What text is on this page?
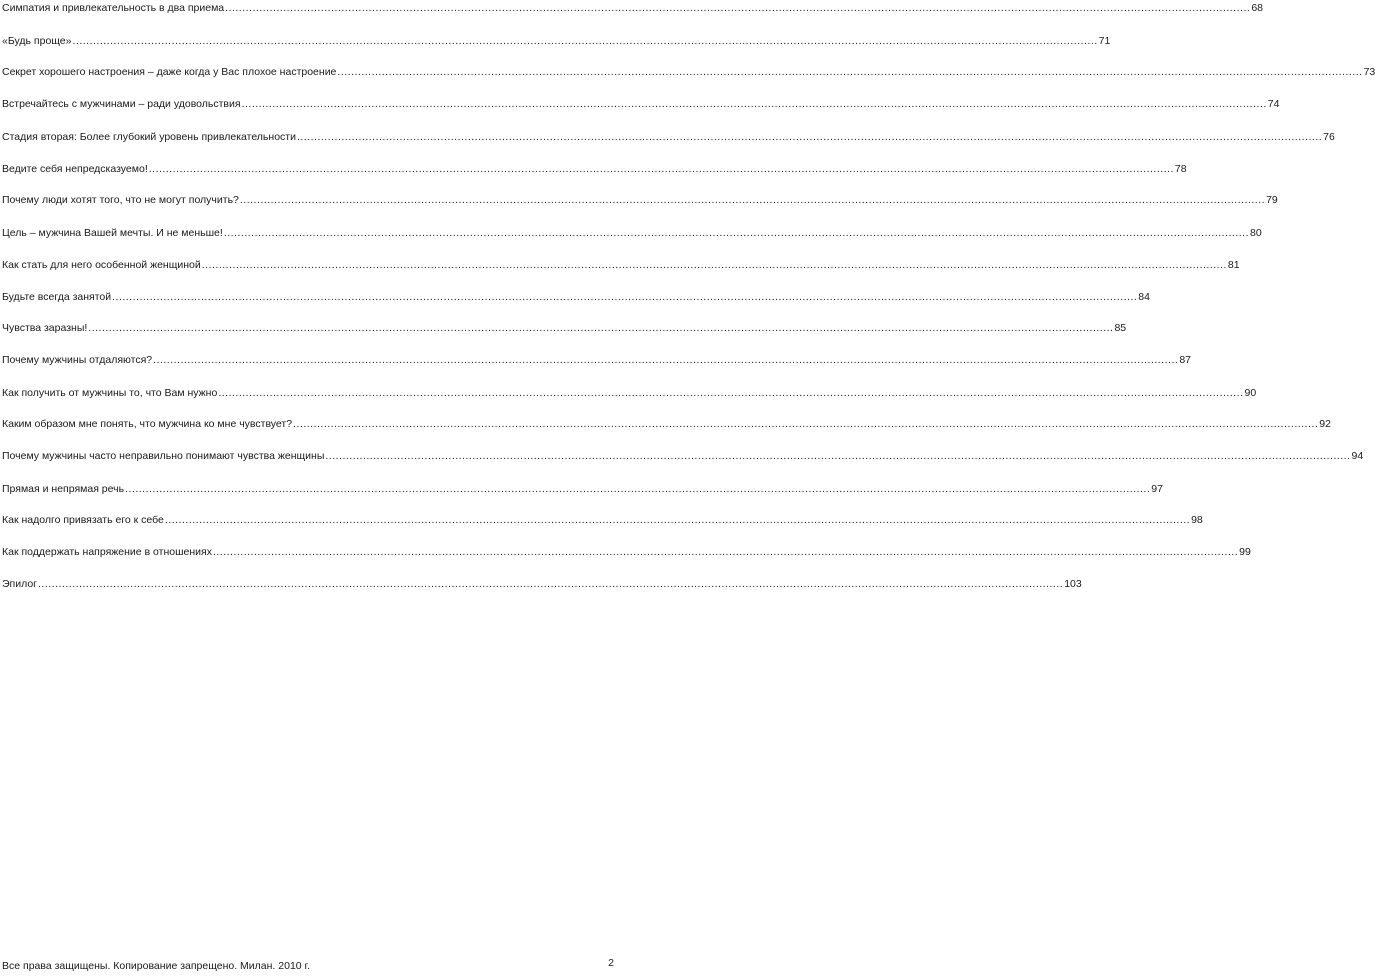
Симпатия и привлекательность в два приема ............................................................................................................................................................................................................................................................................................................ 68
«Будь проще» ............................................................................................................................................................................................................................................................................................................ 71
Секрет хорошего настроения – даже когда у Вас плохое настроение ............................................................................................................................................................................................................................................................................................................ 73
Встречайтесь с мужчинами – ради удовольствия ............................................................................................................................................................................................................................................................................................................ 74
Стадия вторая: Более глубокий уровень привлекательности ............................................................................................................................................................................................................................................................................................................ 76
Ведите себя непредсказуемо! ............................................................................................................................................................................................................................................................................................................ 78
Почему люди хотят того, что не могут получить? ............................................................................................................................................................................................................................................................................................................ 79
Цель – мужчина Вашей мечты. И не меньше! ............................................................................................................................................................................................................................................................................................................ 80
Как стать для него особенной женщиной ............................................................................................................................................................................................................................................................................................................ 81
Будьте всегда занятой ............................................................................................................................................................................................................................................................................................................ 84
Чувства заразны! ............................................................................................................................................................................................................................................................................................................ 85
Почему мужчины отдаляются? ............................................................................................................................................................................................................................................................................................................ 87
Как получить от мужчины то, что Вам нужно ............................................................................................................................................................................................................................................................................................................ 90
Каким образом мне понять, что мужчина ко мне чувствует? ............................................................................................................................................................................................................................................................................................................ 92
Почему мужчины часто неправильно понимают чувства женщины ............................................................................................................................................................................................................................................................................................................ 94
Прямая и непрямая речь ............................................................................................................................................................................................................................................................................................................ 97
Как надолго привязать его к себе ............................................................................................................................................................................................................................................................................................................ 98
Как поддержать напряжение в отношениях ............................................................................................................................................................................................................................................................................................................ 99
Эпилог ............................................................................................................................................................................................................................................................................................................ 103
Все права защищены. Копирование запрещено. Милан. 2010 г.	2
